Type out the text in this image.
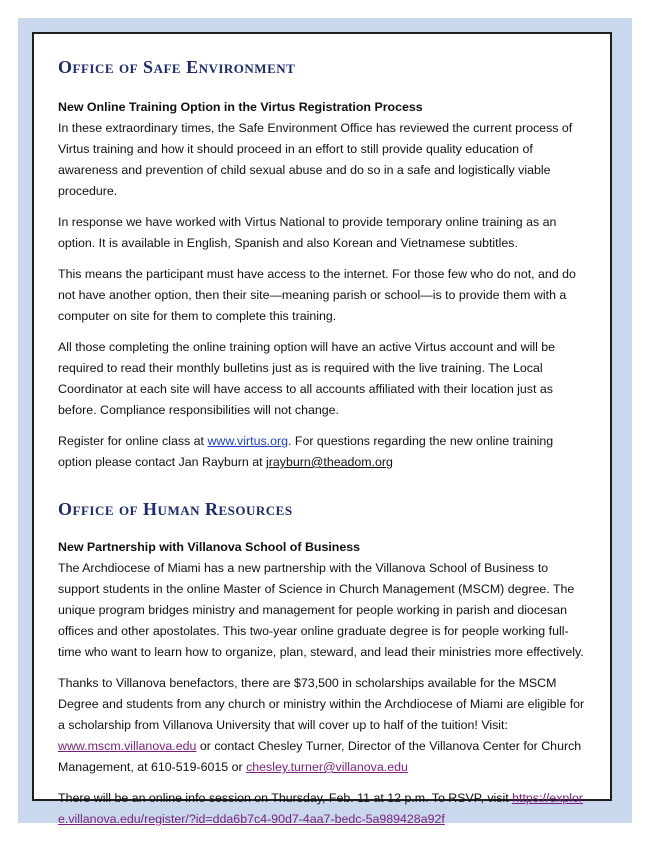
Office of Safe Environment
New Online Training Option in the Virtus Registration Process

In these extraordinary times, the Safe Environment Office has reviewed the current process of Virtus training and how it should proceed in an effort to still provide quality education of awareness and prevention of child sexual abuse and do so in a safe and logistically viable procedure.

In response we have worked with Virtus National to provide temporary online training as an option. It is available in English, Spanish and also Korean and Vietnamese subtitles.

This means the participant must have access to the internet. For those few who do not, and do not have another option, then their site—meaning parish or school—is to provide them with a computer on site for them to complete this training.

All those completing the online training option will have an active Virtus account and will be required to read their monthly bulletins just as is required with the live training. The Local Coordinator at each site will have access to all accounts affiliated with their location just as before. Compliance responsibilities will not change.

Register for online class at www.virtus.org. For questions regarding the new online training option please contact Jan Rayburn at jrayburn@theadom.org

Office of Human Resources
New Partnership with Villanova School of Business

The Archdiocese of Miami has a new partnership with the Villanova School of Business to support students in the online Master of Science in Church Management (MSCM) degree. The unique program bridges ministry and management for people working in parish and diocesan offices and other apostolates. This two-year online graduate degree is for people working full-time who want to learn how to organize, plan, steward, and lead their ministries more effectively.

Thanks to Villanova benefactors, there are $73,500 in scholarships available for the MSCM Degree and students from any church or ministry within the Archdiocese of Miami are eligible for a scholarship from Villanova University that will cover up to half of the tuition! Visit: www.mscm.villanova.edu or contact Chesley Turner, Director of the Villanova Center for Church Management, at 610-519-6015 or chesley.turner@villanova.edu

There will be an online info session on Thursday, Feb. 11 at 12 p.m. To RSVP, visit https://explore.villanova.edu/register/?id=dda6b7c4-90d7-4aa7-bedc-5a989428a92f
